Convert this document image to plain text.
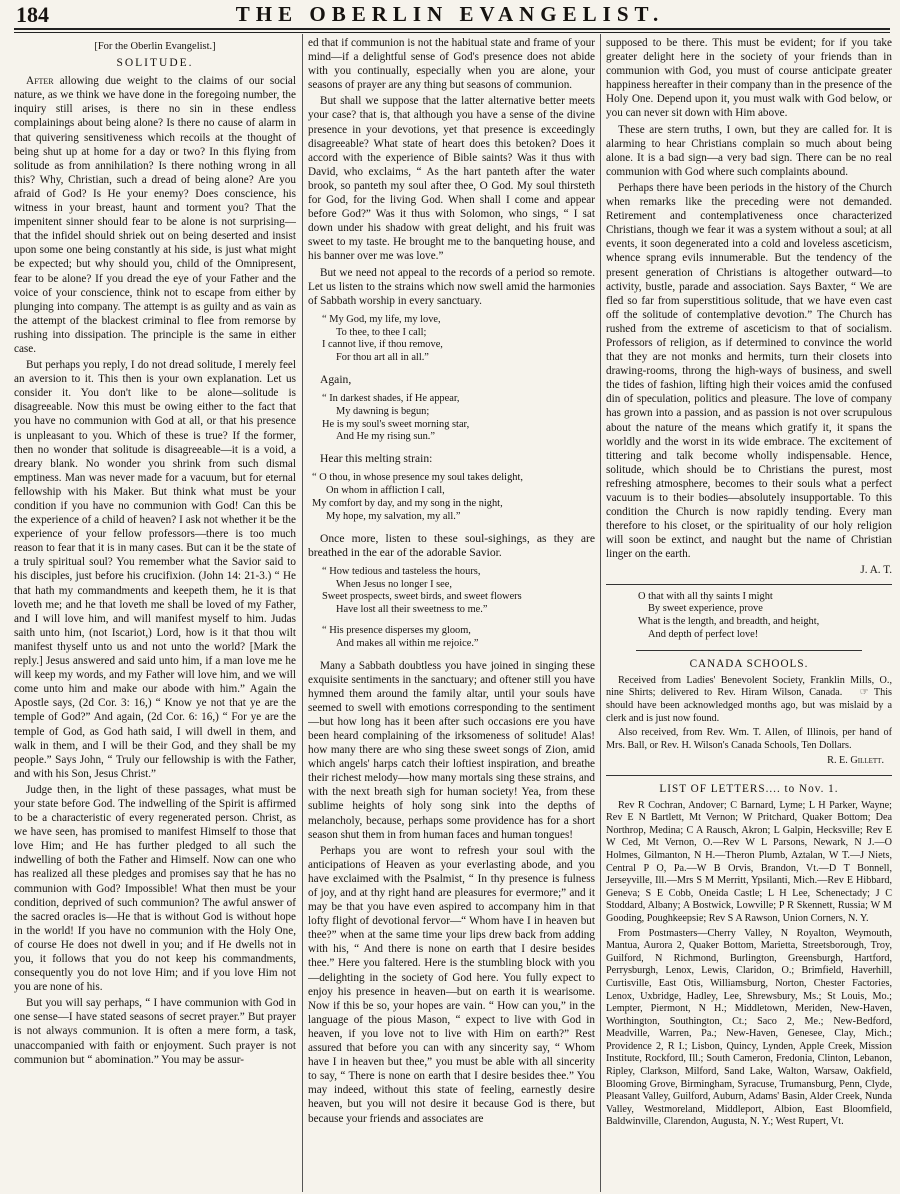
184	THE OBERLIN EVANGELIST.
[For the Oberlin Evangelist.]
SOLITUDE.

After allowing due weight to the claims of our social nature, as we think we have done in the foregoing number, the inquiry still arises, is there no sin in these endless complainings about being alone? Is there no cause of alarm in that quivering sensitiveness which recoils at the thought of being shut up at home for a day or two? In this flying from solitude as from annihilation? Is there nothing wrong in all this? Why, Christian, such a dread of being alone? Are you afraid of God? Is He your enemy? Does conscience, his witness in your breast, haunt and torment you? That the impenitent sinner should fear to be alone is not surprising—that the infidel should shriek out on being deserted and insist upon some one being constantly at his side, is just what might be expected; but why should you, child of the Omnipresent, fear to be alone? If you dread the eye of your Father and the voice of your conscience, think not to escape from either by plunging into company. The attempt is as guilty and as vain as the attempt of the blackest criminal to flee from remorse by rushing into dissipation. The principle is the same in either case.

But perhaps you reply, I do not dread solitude, I merely feel an aversion to it. This then is your own explanation. Let us consider it. You don't like to be alone—solitude is disagreeable. Now this must be owing either to the fact that you have no communion with God at all, or that his presence is unpleasant to you. Which of these is true? If the former, then no wonder that solitude is disagreeable—it is a void, a dreary blank. No wonder you shrink from such dismal emptiness. Man was never made for a vacuum, but for eternal fellowship with his Maker. But think what must be your condition if you have no communion with God! Can this be the experience of a child of heaven? I ask not whether it be the experience of your fellow professors—there is too much reason to fear that it is in many cases. But can it be the state of a truly spiritual soul? You remember what the Savior said to his disciples, just before his crucifixion. (John 14: 21-3.) “ He that hath my commandments and keepeth them, he it is that loveth me; and he that loveth me shall be loved of my Father, and I will love him, and will manifest myself to him. Judas saith unto him, (not Iscariot,) Lord, how is it that thou wilt manifest thyself unto us and not unto the world? [Mark the reply.] Jesus answered and said unto him, if a man love me he will keep my words, and my Father will love him, and we will come unto him and make our abode with him.” Again the Apostle says, (2d Cor. 3: 16,) “ Know ye not that ye are the temple of God?” And again, (2d Cor. 6: 16,) “ For ye are the temple of God, as God hath said, I will dwell in them, and walk in them, and I will be their God, and they shall be my people.” Says John, “ Truly our fellowship is with the Father, and with his Son, Jesus Christ.”

Judge then, in the light of these passages, what must be your state before God. The indwelling of the Spirit is affirmed to be a characteristic of every regenerated person. Christ, as we have seen, has promised to manifest Himself to those that love Him; and He has further pledged to all such the indwelling of both the Father and Himself. Now can one who has realized all these pledges and promises say that he has no communion with God? Impossible! What then must be your condition, deprived of such communion? The awful answer of the sacred oracles is—He that is without God is without hope in the world! If you have no communion with the Holy One, of course He does not dwell in you; and if He dwells not in you, it follows that you do not keep his commandments, consequently you do not love Him; and if you love Him not you are none of his.

But you will say perhaps, “ I have communion with God in one sense—I have stated seasons of secret prayer.” But prayer is not always communion. It is often a mere form, a task, unaccompanied with faith or enjoyment. Such prayer is not communion but “ abomination.” You may be assur-

ed that if communion is not the habitual state and frame of your mind—if a delightful sense of God's presence does not abide with you continually, especially when you are alone, your seasons of prayer are any thing but seasons of communion.

But shall we suppose that the latter alternative better meets your case? that is, that although you have a sense of the divine presence in your devotions, yet that presence is exceedingly disagreeable? What state of heart does this betoken? Does it accord with the experience of Bible saints? Was it thus with David, who exclaims, “ As the hart panteth after the water brook, so panteth my soul after thee, O God. My soul thirsteth for God, for the living God. When shall I come and appear before God?” Was it thus with Solomon, who sings, “ I sat down under his shadow with great delight, and his fruit was sweet to my taste. He brought me to the banqueting house, and his banner over me was love.”

But we need not appeal to the records of a period so remote. Let us listen to the strains which now swell amid the harmonies of Sabbath worship in every sanctuary.

“ My God, my life, my love,
To thee, to thee I call;
I cannot live, if thou remove,
For thou art all in all.”

Again,

“ In darkest shades, if He appear,
My dawning is begun;
He is my soul's sweet morning star,
And He my rising sun.”

Hear this melting strain:

“ O thou, in whose presence my soul takes delight,
On whom in affliction I call,
My comfort by day, and my song in the night,
My hope, my salvation, my all.”

Once more, listen to these soul-sighings, as they are breathed in the ear of the adorable Savior.

“ How tedious and tasteless the hours,
When Jesus no longer I see,
Sweet prospects, sweet birds, and sweet flowers
Have lost all their sweetness to me.”
“ His presence disperses my gloom,
And makes all within me rejoice.”

Many a Sabbath doubtless you have joined in singing these exquisite sentiments in the sanctuary; and oftener still you have hymned them around the family altar, until your souls have seemed to swell with emotions corresponding to the sentiment—but how long has it been after such occasions ere you have been heard complaining of the irksomeness of solitude! Alas! how many there are who sing these sweet songs of Zion, amid which angels' harps catch their loftiest inspiration, and breathe their richest melody—how many mortals sing these strains, and with the next breath sigh for human society! Yea, from these sublime heights of holy song sink into the depths of melancholy, because, perhaps some providence has for a short season shut them in from human faces and human tongues!

Perhaps you are wont to refresh your soul with the anticipations of Heaven as your everlasting abode, and you have exclaimed with the Psalmist, “ In thy presence is fulness of joy, and at thy right hand are pleasures for evermore;” and it may be that you have even aspired to accompany him in that lofty flight of devotional fervor—“ Whom have I in heaven but thee?” when at the same time your lips drew back from adding with his, “ And there is none on earth that I desire besides thee.” Here you faltered. Here is the stumbling block with you—delighting in the society of God here. You fully expect to enjoy his presence in heaven—but on earth it is wearisome. Now if this be so, your hopes are vain. “ How can you,” in the language of the pious Mason, “ expect to live with God in heaven, if you love not to live with Him on earth?” Rest assured that before you can with any sincerity say, “ Whom have I in heaven but thee,” you must be able with all sincerity to say, “ There is none on earth that I desire besides thee.” You may indeed, without this state of feeling, earnestly desire heaven, but you will not desire it because God is there, but because your friends and associates are

supposed to be there. This must be evident; for if you take greater delight here in the society of your friends than in communion with God, you must of course anticipate greater happiness hereafter in their company than in the presence of the Holy One. Depend upon it, you must walk with God below, or you can never sit down with Him above.

These are stern truths, I own, but they are called for. It is alarming to hear Christians complain so much about being alone. It is a bad sign—a very bad sign. There can be no real communion with God where such complaints abound.

Perhaps there have been periods in the history of the Church when remarks like the preceding were not demanded. Retirement and contemplativeness once characterized Christians, though we fear it was a system without a soul; at all events, it soon degenerated into a cold and loveless asceticism, whence sprang evils innumerable. But the tendency of the present generation of Christians is altogether outward—to activity, bustle, parade and association. Says Baxter, “ We are fled so far from superstitious solitude, that we have even cast off the solitude of contemplative devotion.” The Church has rushed from the extreme of asceticism to that of socialism. Professors of religion, as if determined to convince the world that they are not monks and hermits, turn their closets into drawing-rooms, throng the high-ways of business, and swell the tides of fashion, lifting high their voices amid the confused din of speculation, politics and pleasure. The love of company has grown into a passion, and as passion is not over scrupulous about the nature of the means which gratify it, it spans the worldly and the worst in its wide embrace. The excitement of tittering and talk become wholly indispensable. Hence, solitude, which should be to Christians the purest, most refreshing atmosphere, becomes to their souls what a perfect vacuum is to their bodies—absolutely insupportable. To this condition the Church is now rapidly tending. Every man therefore to his closet, or the spirituality of our holy religion will soon be extinct, and naught but the name of Christian linger on the earth.

J. A. T.

O that with all thy saints I might
By sweet experience, prove
What is the length, and breadth, and height,
And depth of perfect love!
CANADA SCHOOLS.

Received from Ladies' Benevolent Society, Franklin Mills, O., nine Shirts; delivered to Rev. Hiram Wilson, Canada. ☞ This should have been acknowledged months ago, but was mislaid by a clerk and is just now found.

Also received, from Rev. Wm. T. Allen, of Illinois, per hand of Mrs. Ball, or Rev. H. Wilson's Canada Schools, Ten Dollars.

R. E. Gillett.
LIST OF LETTERS.... to Nov. 1.

Rev R Cochran, Andover; C Barnard, Lyme; L H Parker, Wayne; Rev E N Bartlett, Mt Vernon; W Pritchard, Quaker Bottom; Dea Northrop, Medina; C A Rausch, Akron; L Galpin, Hecksville; Rev E W Ced, Mt Vernon, O.—Rev W L Parsons, Newark, N J.—O Holmes, Gilmanton, N H.—Theron Plumb, Aztalan, W T.—J Niets, Central P O, Pa.—W B Orvis, Brandon, Vt.—D T Bonnell, Jerseyville, Ill.—Mrs S M Merritt, Ypsilanti, Mich.—Rev E Hibbard, Geneva; S E Cobb, Oneida Castle; L H Lee, Schenectady; J C Stoddard, Albany; A Bostwick, Lowville; P R Skennett, Russia; W M Gooding, Poughkeepsie; Rev S A Rawson, Union Corners, N. Y.

From Postmasters—Cherry Valley, N Royalton, Weymouth, Mantua, Aurora 2, Quaker Bottom, Marietta, Streetsborough, Troy, Guilford, N Richmond, Burlington, Greensburgh, Hartford, Perrysburgh, Lenox, Lewis, Claridon, O.; Brimfield, Haverhill, Curtisville, East Otis, Williamsburg, Norton, Chester Factories, Lenox, Uxbridge, Hadley, Lee, Shrewsbury, Ms.; St Louis, Mo.; Lempter, Piermont, N H.; Middletown, Meriden, New-Haven, Worthington, Southington, Ct.; Saco 2, Me.; New-Bedford, Meadville, Warren, Pa.; New-Haven, Genesee, Clay, Mich.; Providence 2, R I.; Lisbon, Quincy, Lynden, Apple Creek, Mission Institute, Rockford, Ill.; South Cameron, Fredonia, Clinton, Lebanon, Ripley, Clarkson, Milford, Sand Lake, Walton, Warsaw, Oakfield, Blooming Grove, Birmingham, Syracuse, Trumansburg, Penn, Clyde, Pleasant Valley, Guilford, Auburn, Adams' Basin, Alder Creek, Nunda Valley, Westmoreland, Middleport, Albion, East Bloomfield, Baldwinville, Clarendon, Augusta, N. Y.; West Rupert, Vt.
